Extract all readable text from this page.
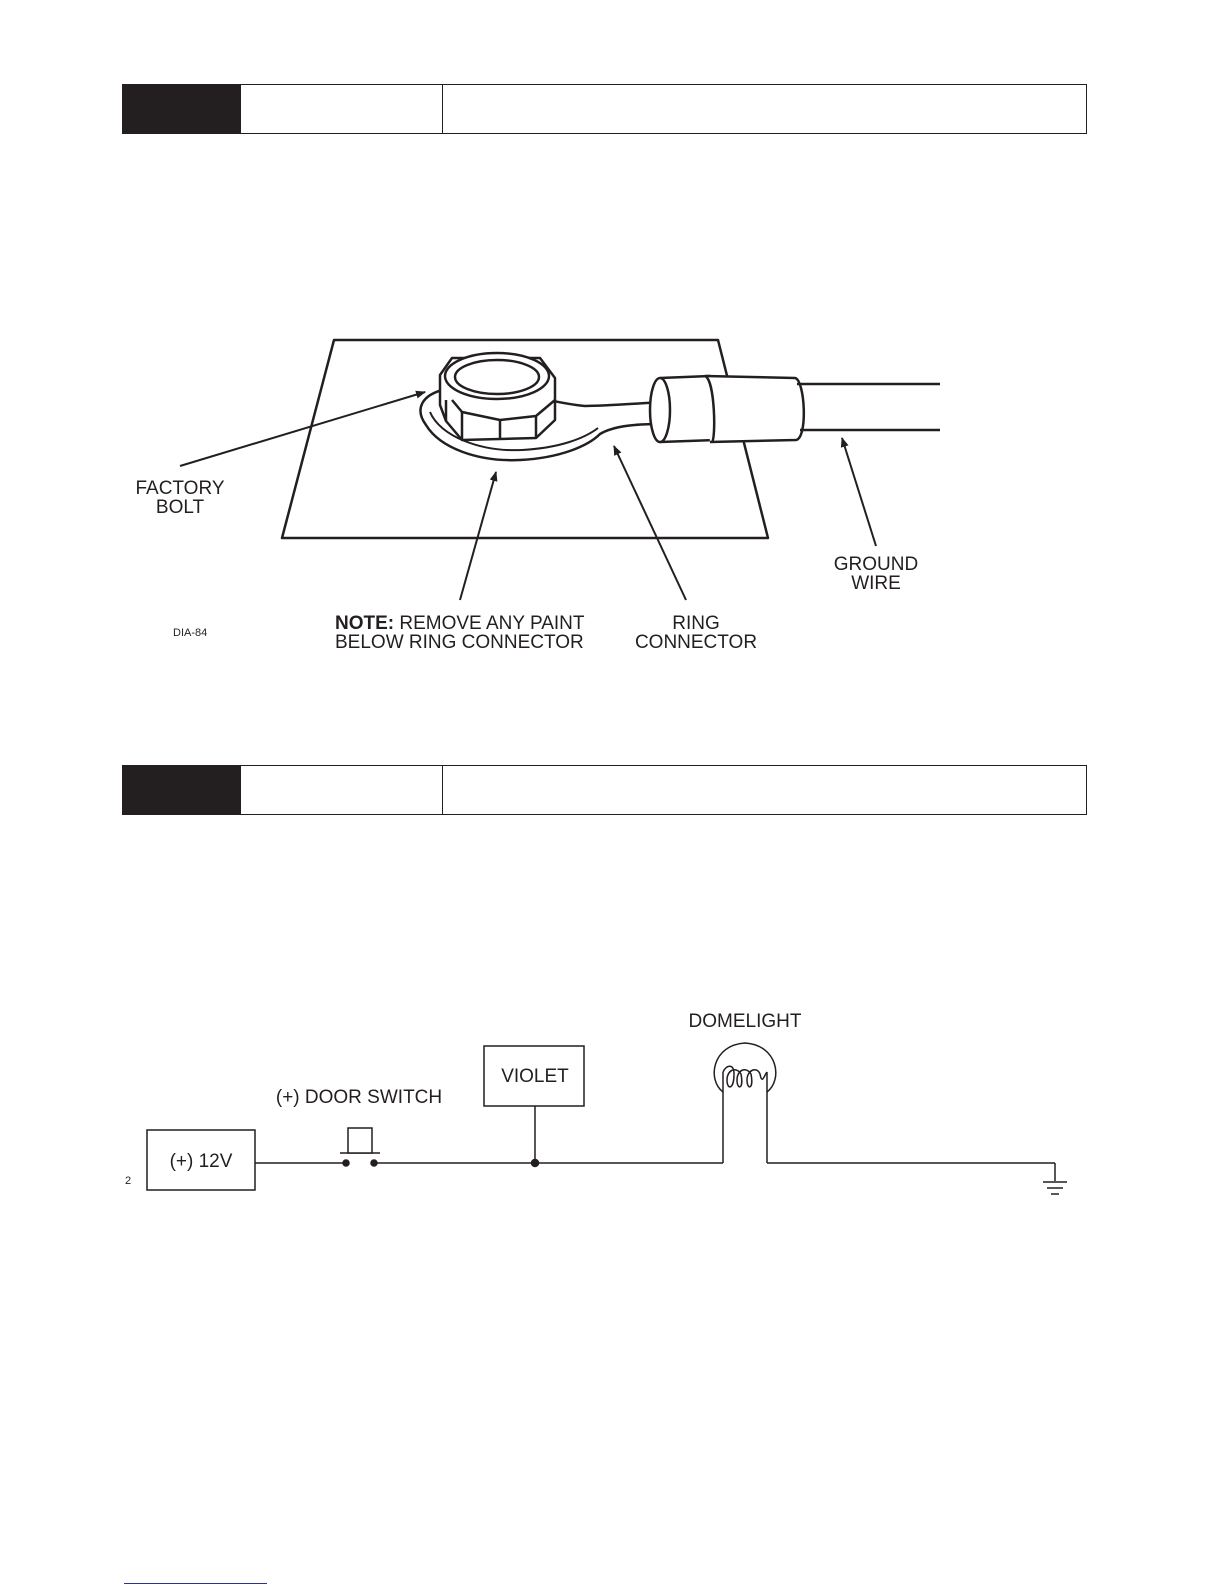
FACTORY
BOLT
GROUND
WIRE
RING
CONNECTOR
NOTE: REMOVE ANY PAINT
BELOW RING CONNECTOR
DIA-84
DOMELIGHT
VIOLET
(+) DOOR SWITCH
(+) 12V
2
